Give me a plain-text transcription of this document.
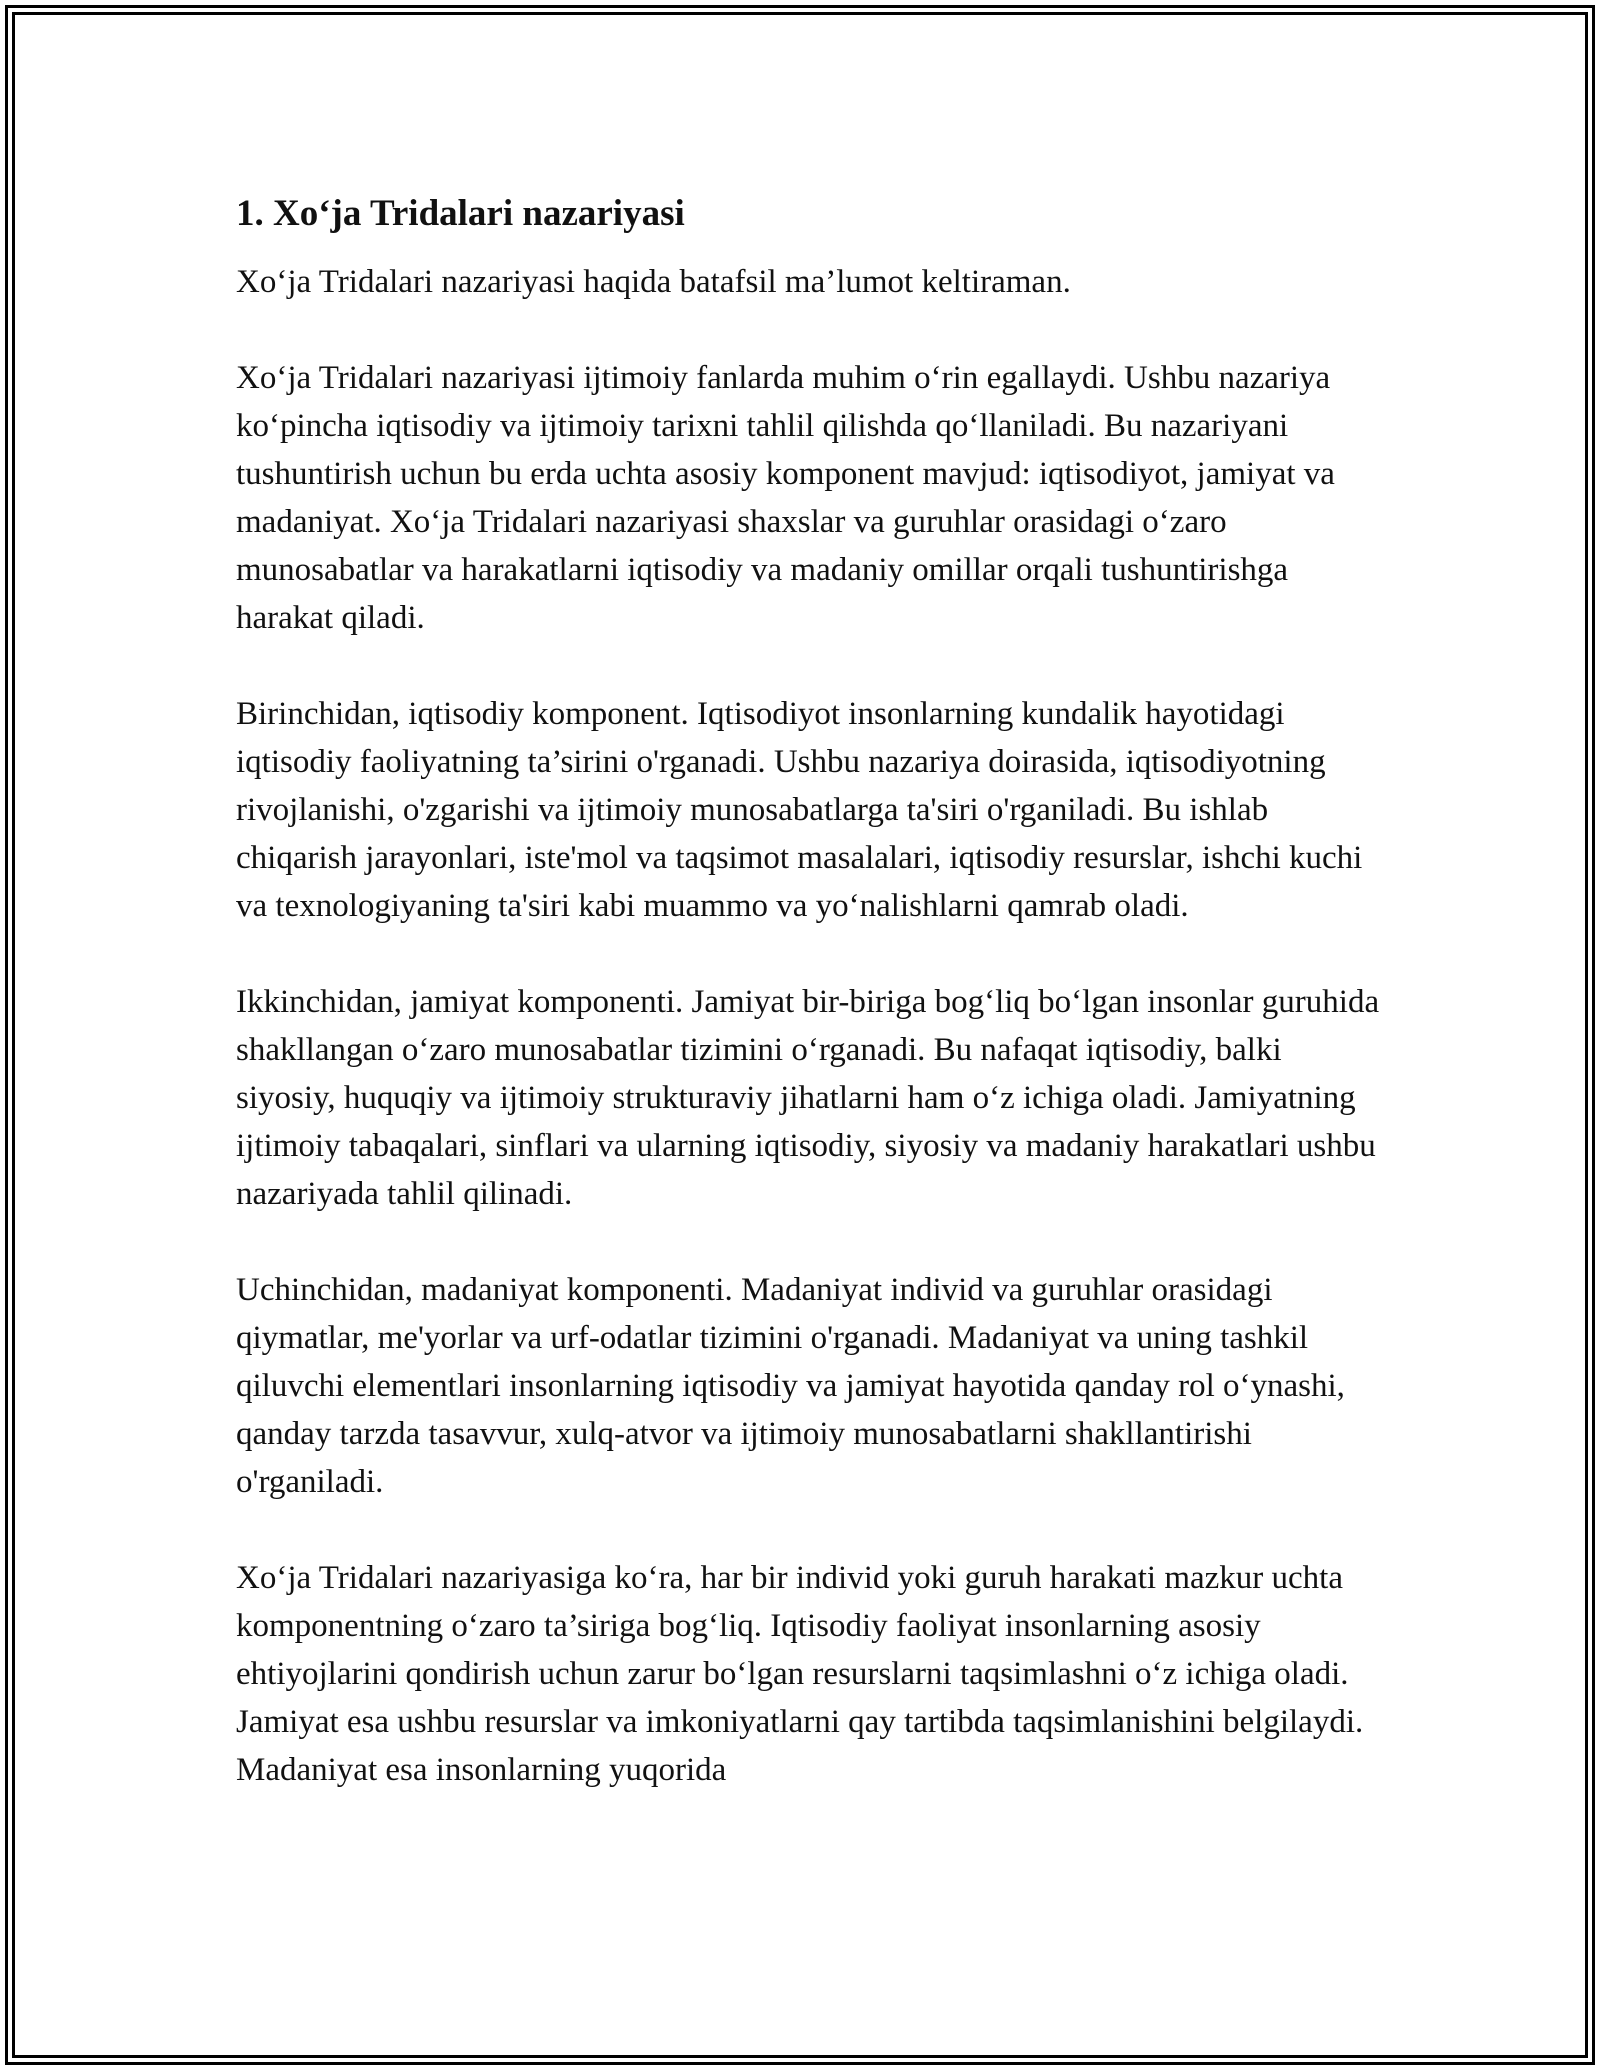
1. Xo‘ja Tridalari nazariyasi

Xo‘ja Tridalari nazariyasi haqida batafsil ma’lumot keltiraman.

Xo‘ja Tridalari nazariyasi ijtimoiy fanlarda muhim o‘rin egallaydi. Ushbu nazariya ko‘pincha iqtisodiy va ijtimoiy tarixni tahlil qilishda qo‘llaniladi. Bu nazariyani tushuntirish uchun bu erda uchta asosiy komponent mavjud: iqtisodiyot, jamiyat va madaniyat. Xo‘ja Tridalari nazariyasi shaxslar va guruhlar orasidagi o‘zaro munosabatlar va harakatlarni iqtisodiy va madaniy omillar orqali tushuntirishga harakat qiladi.

Birinchidan, iqtisodiy komponent. Iqtisodiyot insonlarning kundalik hayotidagi iqtisodiy faoliyatning ta’sirini o'rganadi. Ushbu nazariya doirasida, iqtisodiyotning rivojlanishi, o'zgarishi va ijtimoiy munosabatlarga ta'siri o'rganiladi. Bu ishlab chiqarish jarayonlari, iste'mol va taqsimot masalalari, iqtisodiy resurslar, ishchi kuchi va texnologiyaning ta'siri kabi muammo va yo‘nalishlarni qamrab oladi.

Ikkinchidan, jamiyat komponenti. Jamiyat bir-biriga bog‘liq bo‘lgan insonlar guruhida shakllangan o‘zaro munosabatlar tizimini o‘rganadi. Bu nafaqat iqtisodiy, balki siyosiy, huquqiy va ijtimoiy strukturaviy jihatlarni ham o‘z ichiga oladi. Jamiyatning ijtimoiy tabaqalari, sinflari va ularning iqtisodiy, siyosiy va madaniy harakatlari ushbu nazariyada tahlil qilinadi.

Uchinchidan, madaniyat komponenti. Madaniyat individ va guruhlar orasidagi qiymatlar, me'yorlar va urf-odatlar tizimini o'rganadi. Madaniyat va uning tashkil qiluvchi elementlari insonlarning iqtisodiy va jamiyat hayotida qanday rol o‘ynashi, qanday tarzda tasavvur, xulq-atvor va ijtimoiy munosabatlarni shakllantirishi o'rganiladi.

Xo‘ja Tridalari nazariyasiga ko‘ra, har bir individ yoki guruh harakati mazkur uchta komponentning o‘zaro ta’siriga bog‘liq. Iqtisodiy faoliyat insonlarning asosiy ehtiyojlarini qondirish uchun zarur bo‘lgan resurslarni taqsimlashni o‘z ichiga oladi. Jamiyat esa ushbu resurslar va imkoniyatlarni qay tartibda taqsimlanishini belgilaydi. Madaniyat esa insonlarning yuqorida
